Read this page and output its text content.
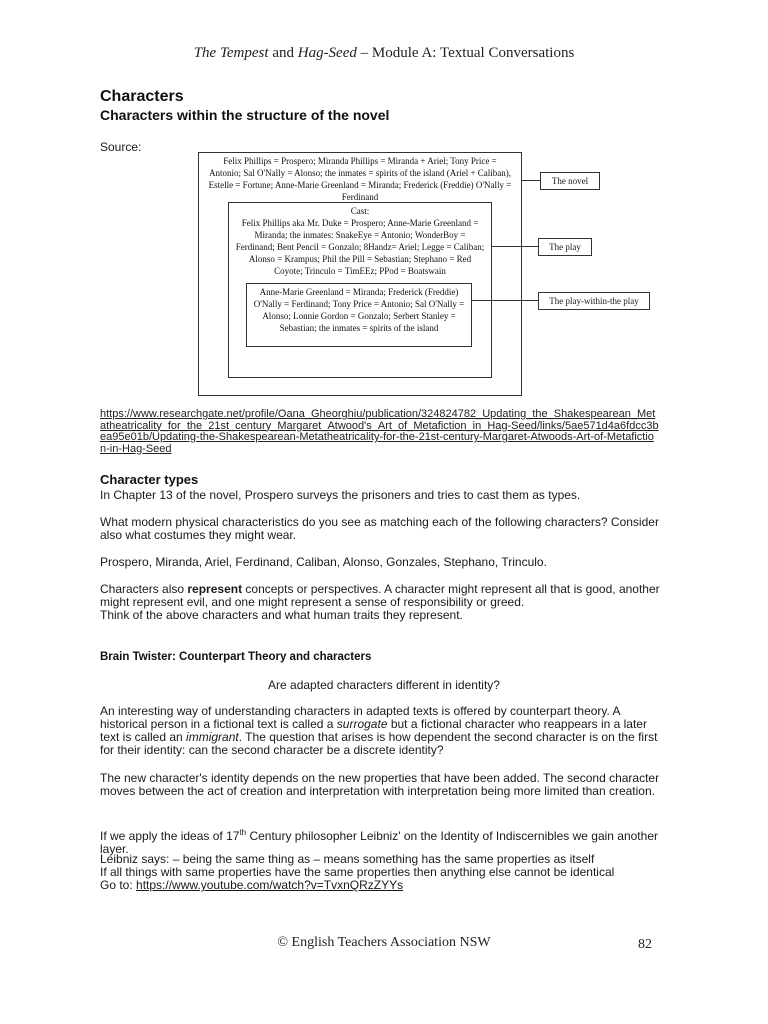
The Tempest and Hag-Seed – Module A: Textual Conversations
Characters
Characters within the structure of the novel
Source:
Felix Phillips = Prospero; Miranda Phillips = Miranda + Ariel; Tony Price = Antonio; Sal O'Nally = Alonso; the inmates = spirits of the island (Ariel + Caliban), Estelle = Fortune; Anne-Marie Greenland = Miranda; Frederick (Freddie) O'Nally = Ferdinand
Cast:
Felix Phillips aka Mr. Duke = Prospero; Anne-Marie Greenland = Miranda; the inmates: SnakeEye = Antonio; WonderBoy = Ferdinand; Bent Pencil = Gonzalo; 8Handz= Ariel; Legge = Caliban; Alonso = Krampus; Phil the Pill = Sebastian; Stephano = Red Coyote; Trinculo = TimEEz; PPod = Boatswain
Anne-Marie Greenland = Miranda; Frederick (Freddie) O'Nally = Ferdinand; Tony Price = Antonio; Sal O'Nally = Alonso; Lonnie Gordon = Gonzalo; Serbert Stanley = Sebastian; the inmates = spirits of the island
The novel
The play
The play-within-the play
https://www.researchgate.net/profile/Oana_Gheorghiu/publication/324824782_Updating_the_Shakespearean_Metatheatricality_for_the_21st_century_Margaret_Atwood's_Art_of_Metafiction_in_Hag-Seed/links/5ae571d4a6fdcc3bea95e01b/Updating-the-Shakespearean-Metatheatricality-for-the-21st-century-Margaret-Atwoods-Art-of-Metafiction-in-Hag-Seed
Character types
In Chapter 13 of the novel, Prospero surveys the prisoners and tries to cast them as types.
What modern physical characteristics do you see as matching each of the following characters? Consider also what costumes they might wear.
Prospero, Miranda, Ariel, Ferdinand, Caliban, Alonso, Gonzales, Stephano, Trinculo.
Characters also represent concepts or perspectives. A character might represent all that is good, another might represent evil, and one might represent a sense of responsibility or greed.
Think of the above characters and what human traits they represent.
Brain Twister: Counterpart Theory and characters
Are adapted characters different in identity?
An interesting way of understanding characters in adapted texts is offered by counterpart theory. A historical person in a fictional text is called a surrogate but a fictional character who reappears in a later text is called an immigrant. The question that arises is how dependent the second character is on the first for their identity: can the second character be a discrete identity?
The new character's identity depends on the new properties that have been added. The second character moves between the act of creation and interpretation with interpretation being more limited than creation.
If we apply the ideas of 17th Century philosopher Leibniz' on the Identity of Indiscernibles we gain another layer.
Leibniz says: – being the same thing as – means something has the same properties as itself
If all things with same properties have the same properties then anything else cannot be identical
Go to: https://www.youtube.com/watch?v=TvxnQRzZYYs
© English Teachers Association NSW	82
